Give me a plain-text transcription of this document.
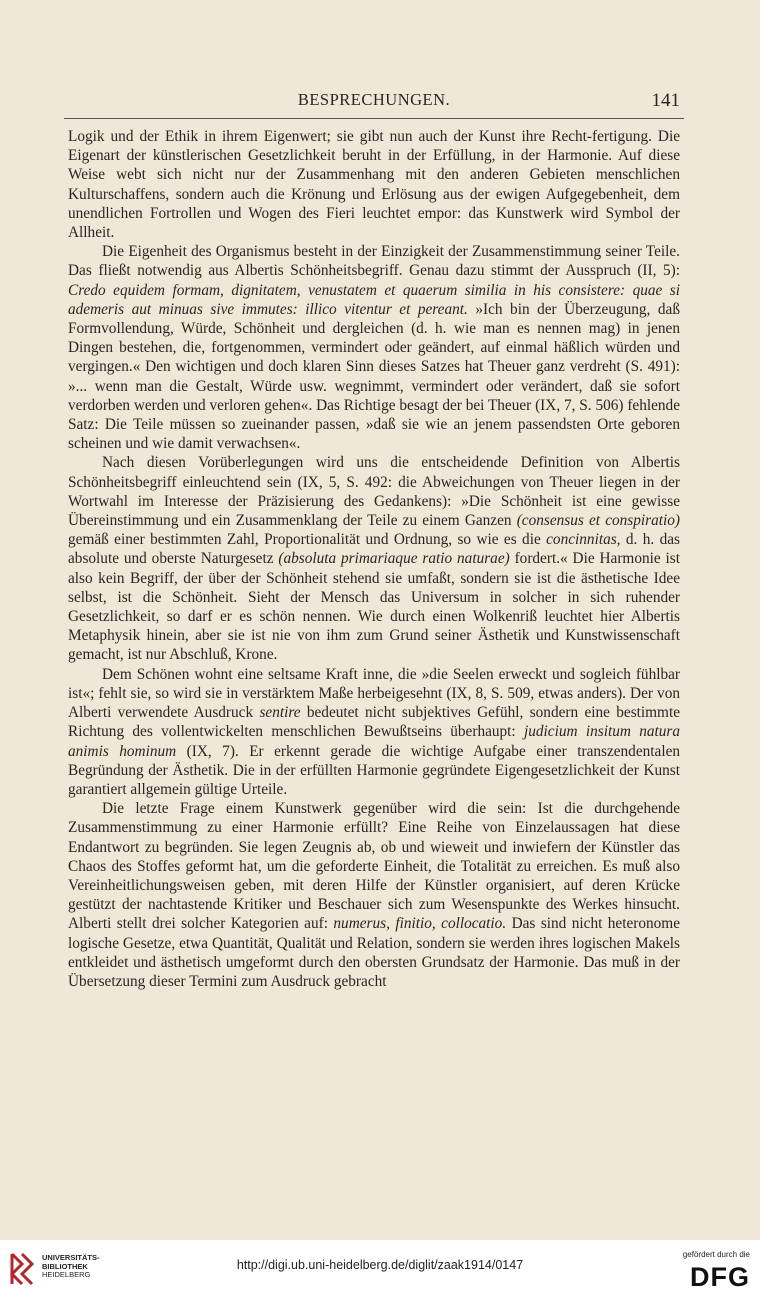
BESPRECHUNGEN.	141

Logik und der Ethik in ihrem Eigenwert; sie gibt nun auch der Kunst ihre Recht-fertigung. Die Eigenart der künstlerischen Gesetzlichkeit beruht in der Erfüllung, in der Harmonie. Auf diese Weise webt sich nicht nur der Zusammenhang mit den anderen Gebieten menschlichen Kulturschaffens, sondern auch die Krönung und Erlösung aus der ewigen Aufgegebenheit, dem unendlichen Fortrollen und Wogen des Fieri leuchtet empor: das Kunstwerk wird Symbol der Allheit.

Die Eigenheit des Organismus besteht in der Einzigkeit der Zusammenstimmung seiner Teile. Das fließt notwendig aus Albertis Schönheitsbegriff. Genau dazu stimmt der Ausspruch (II, 5): Credo equidem formam, dignitatem, venustatem et quaerum similia in his consistere: quae si ademeris aut minuas sive immutes: illico vitentur et pereant. »Ich bin der Überzeugung, daß Formvollendung, Würde, Schönheit und dergleichen (d. h. wie man es nennen mag) in jenen Dingen bestehen, die, fortgenommen, vermindert oder geändert, auf einmal häßlich würden und vergingen.« Den wichtigen und doch klaren Sinn dieses Satzes hat Theuer ganz verdreht (S. 491): »... wenn man die Gestalt, Würde usw. wegnimmt, vermindert oder verändert, daß sie sofort verdorben werden und verloren gehen«. Das Richtige besagt der bei Theuer (IX, 7, S. 506) fehlende Satz: Die Teile müssen so zueinander passen, »daß sie wie an jenem passendsten Orte geboren scheinen und wie damit verwachsen«.

Nach diesen Vorüberlegungen wird uns die entscheidende Definition von Albertis Schönheitsbegriff einleuchtend sein (IX, 5, S. 492: die Abweichungen von Theuer liegen in der Wortwahl im Interesse der Präzisierung des Gedankens): »Die Schönheit ist eine gewisse Übereinstimmung und ein Zusammenklang der Teile zu einem Ganzen (consensus et conspiratio) gemäß einer bestimmten Zahl, Proportionalität und Ordnung, so wie es die concinnitas, d. h. das absolute und oberste Naturgesetz (absoluta primariaque ratio naturae) fordert.« Die Harmonie ist also kein Begriff, der über der Schönheit stehend sie umfaßt, sondern sie ist die ästhetische Idee selbst, ist die Schönheit. Sieht der Mensch das Universum in solcher in sich ruhender Gesetzlichkeit, so darf er es schön nennen. Wie durch einen Wolkenriß leuchtet hier Albertis Metaphysik hinein, aber sie ist nie von ihm zum Grund seiner Ästhetik und Kunstwissenschaft gemacht, ist nur Abschluß, Krone.

Dem Schönen wohnt eine seltsame Kraft inne, die »die Seelen erweckt und sogleich fühlbar ist«; fehlt sie, so wird sie in verstärktem Maße herbeigesehnt (IX, 8, S. 509, etwas anders). Der von Alberti verwendete Ausdruck sentire bedeutet nicht subjektives Gefühl, sondern eine bestimmte Richtung des vollentwickelten menschlichen Bewußtseins überhaupt: judicium insitum natura animis hominum (IX, 7). Er erkennt gerade die wichtige Aufgabe einer transzendentalen Begründung der Ästhetik. Die in der erfüllten Harmonie gegründete Eigengesetzlichkeit der Kunst garantiert allgemein gültige Urteile.

Die letzte Frage einem Kunstwerk gegenüber wird die sein: Ist die durchgehende Zusammenstimmung zu einer Harmonie erfüllt? Eine Reihe von Einzelaussagen hat diese Endantwort zu begründen. Sie legen Zeugnis ab, ob und wieweit und inwiefern der Künstler das Chaos des Stoffes geformt hat, um die geforderte Einheit, die Totalität zu erreichen. Es muß also Vereinheitlichungsweisen geben, mit deren Hilfe der Künstler organisiert, auf deren Krücke gestützt der nachtastende Kritiker und Beschauer sich zum Wesenspunkte des Werkes hinsucht. Alberti stellt drei solcher Kategorien auf: numerus, finitio, collocatio. Das sind nicht heteronome logische Gesetze, etwa Quantität, Qualität und Relation, sondern sie werden ihres logischen Makels entkleidet und ästhetisch umgeformt durch den obersten Grundsatz der Harmonie. Das muß in der Übersetzung dieser Termini zum Ausdruck gebracht

UNIVERSITÄTS-
BIBLIOTHEK
HEIDELBERG
http://digi.ub.uni-heidelberg.de/diglit/zaak1914/0147
gefördert durch die
DFG
